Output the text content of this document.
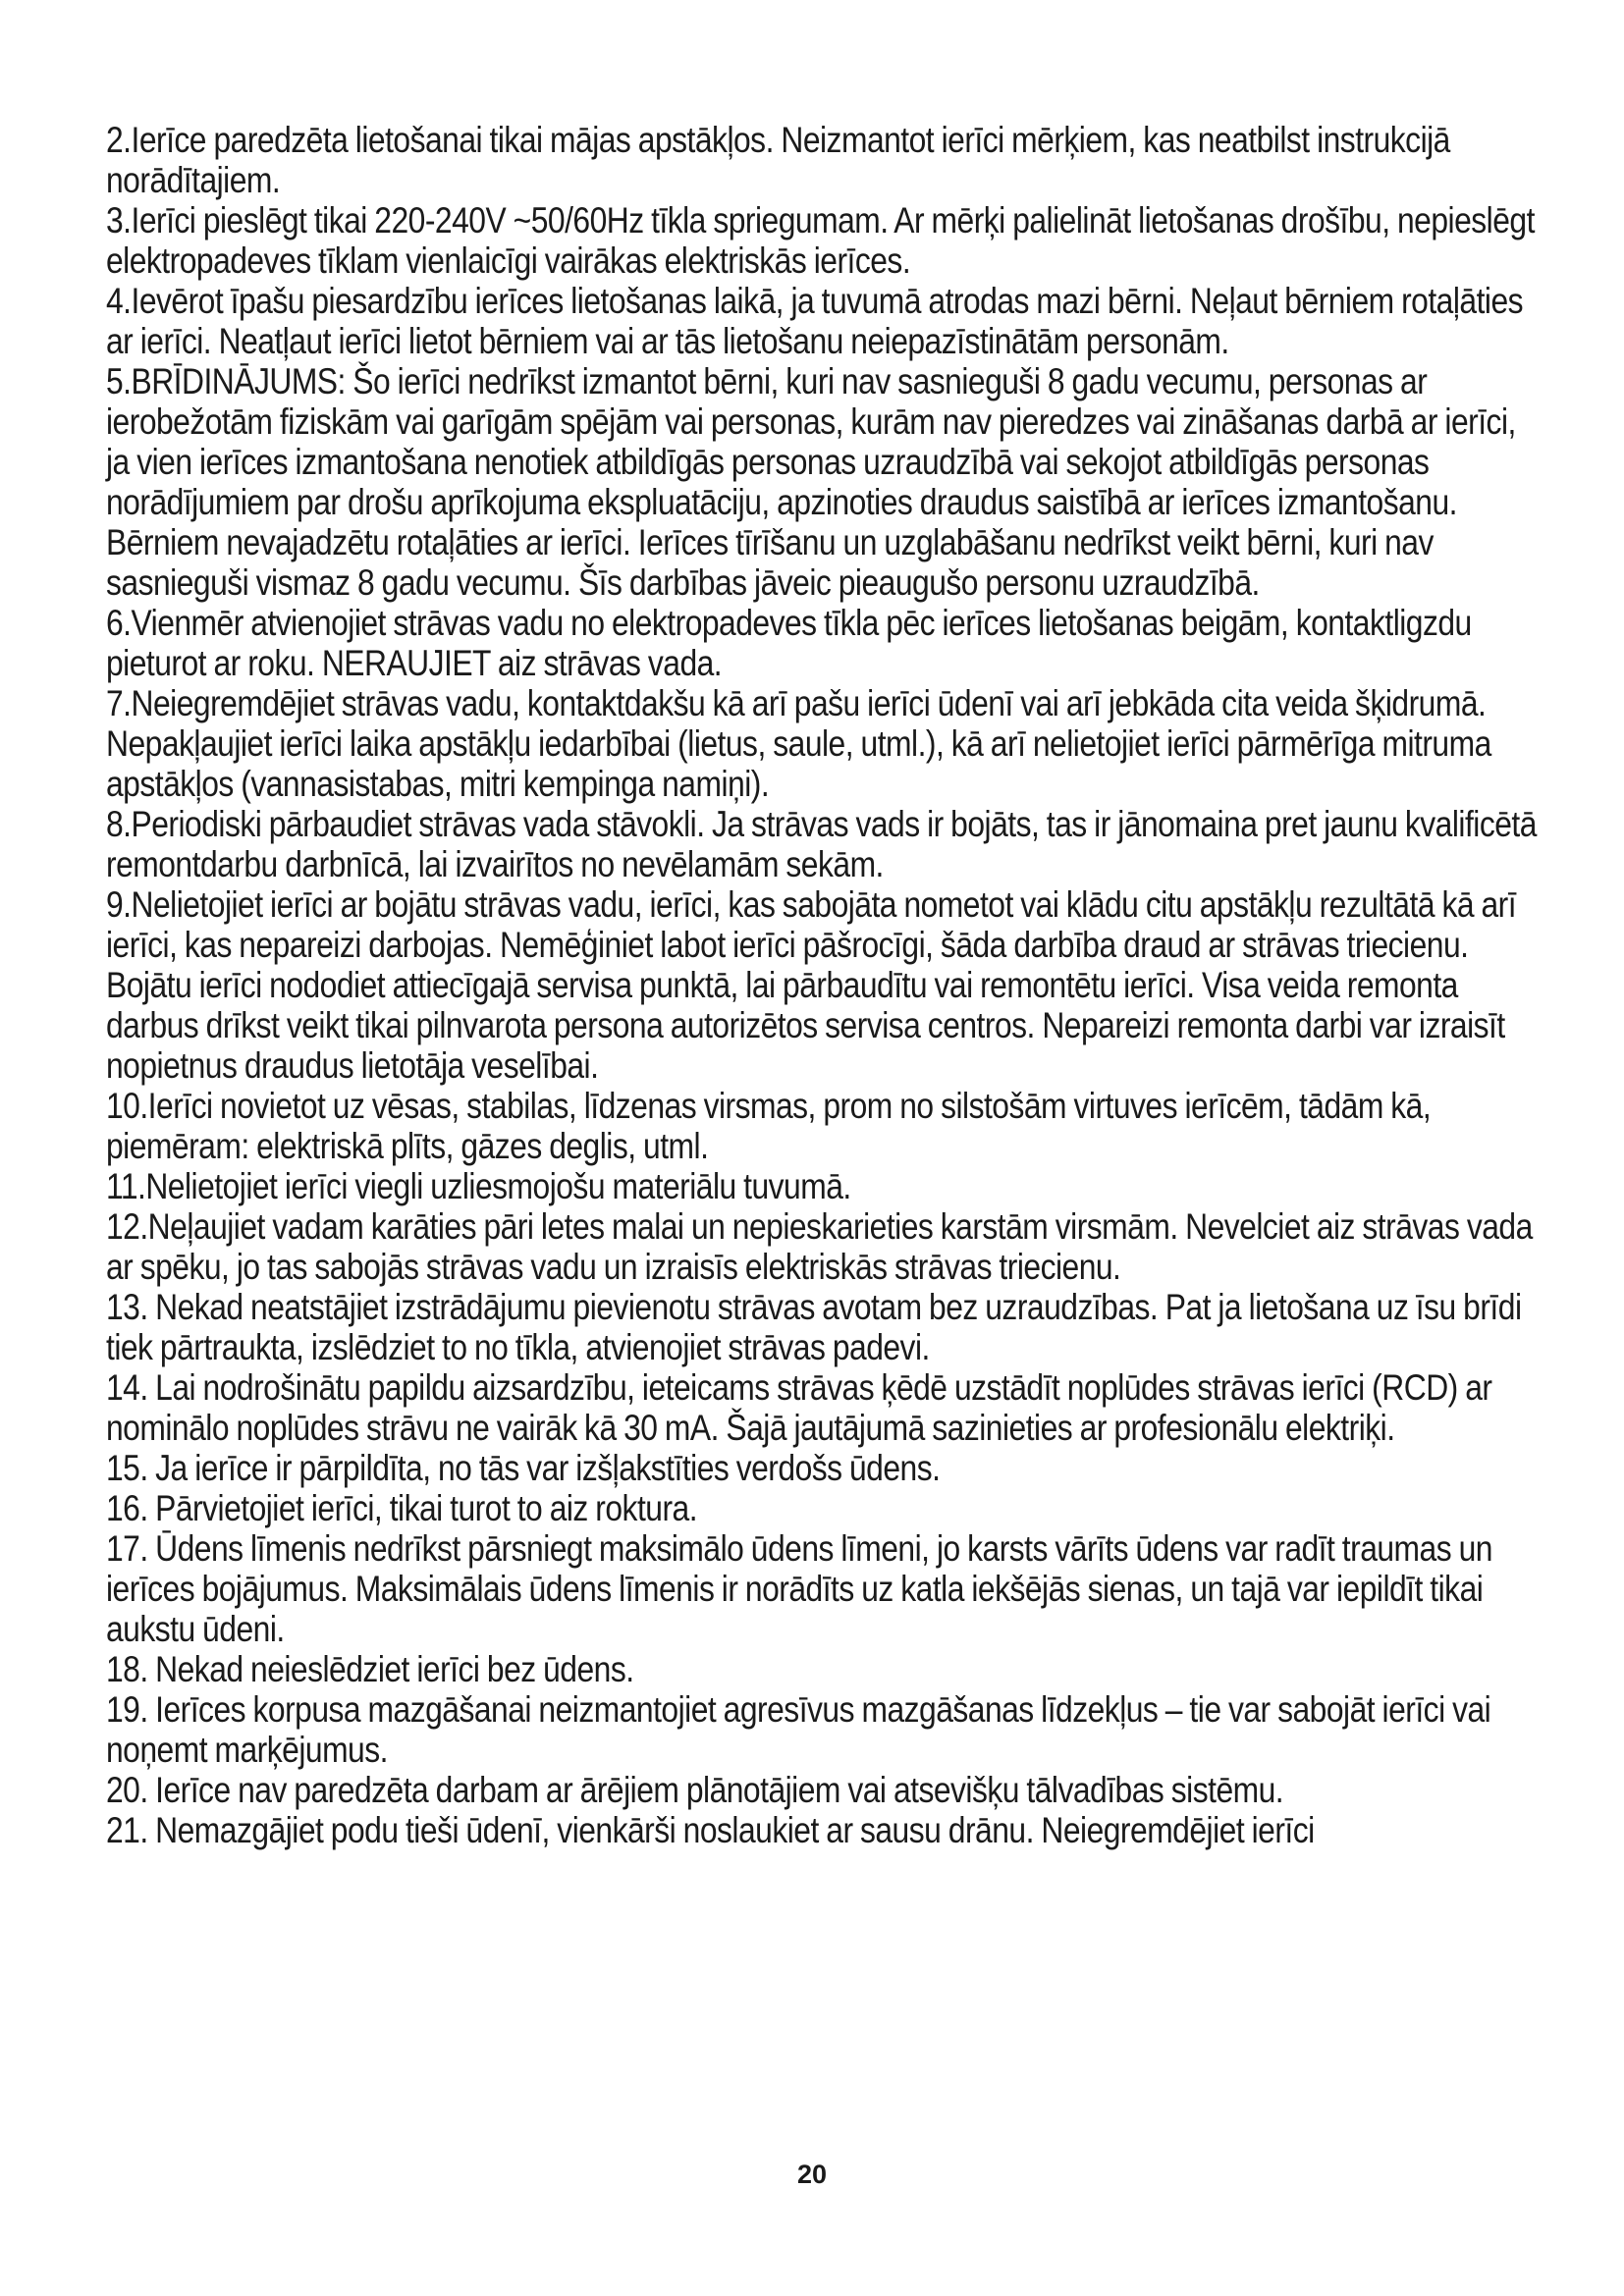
2.Ierīce paredzēta lietošanai tikai mājas apstākļos. Neizmantot ierīci mērķiem, kas neatbilst instrukcijā norādītajiem.

3.Ierīci pieslēgt tikai 220-240V ~50/60Hz tīkla spriegumam. Ar mērķi palielināt lietošanas drošību, nepieslēgt elektropadeves tīklam vienlaicīgi vairākas elektriskās ierīces.

4.Ievērot īpašu piesardzību ierīces lietošanas laikā, ja tuvumā atrodas mazi bērni. Neļaut bērniem rotaļāties ar ierīci. Neatļaut ierīci lietot bērniem vai ar tās lietošanu neiepazīstinātām personām.

5.BRĪDINĀJUMS: Šo ierīci nedrīkst izmantot bērni, kuri nav sasnieguši 8 gadu vecumu, personas ar ierobežotām fiziskām vai garīgām spējām vai personas, kurām nav pieredzes vai zināšanas darbā ar ierīci, ja vien ierīces izmantošana nenotiek atbildīgās personas uzraudzībā vai sekojot atbildīgās personas norādījumiem par drošu aprīkojuma ekspluatāciju, apzinoties draudus saistībā ar ierīces izmantošanu. Bērniem nevajadzētu rotaļāties ar ierīci. Ierīces tīrīšanu un uzglabāšanu nedrīkst veikt bērni, kuri nav sasnieguši vismaz 8 gadu vecumu. Šīs darbības jāveic pieaugušo personu uzraudzībā.

6.Vienmēr atvienojiet strāvas vadu no elektropadeves tīkla pēc ierīces lietošanas beigām, kontaktligzdu pieturot ar roku. NERAUJIET aiz strāvas vada.

7.Neiegremdējiet strāvas vadu, kontaktdakšu kā arī pašu ierīci ūdenī vai arī jebkāda cita veida šķidrumā. Nepakļaujiet ierīci laika apstākļu iedarbībai (lietus, saule, utml.), kā arī nelietojiet ierīci pārmērīga mitruma apstākļos (vannasistabas, mitri kempinga namiņi).

8.Periodiski pārbaudiet strāvas vada stāvokli. Ja strāvas vads ir bojāts, tas ir jānomaina pret jaunu kvalificētā remontdarbu darbnīcā, lai izvairītos no nevēlamām sekām.

9.Nelietojiet ierīci ar bojātu strāvas vadu, ierīci, kas sabojāta nometot vai klādu citu apstākļu rezultātā kā arī ierīci, kas nepareizi darbojas. Nemēģiniet labot ierīci pāšrocīgi, šāda darbība draud ar strāvas triecienu. Bojātu ierīci nododiet attiecīgajā servisa punktā, lai pārbaudītu vai remontētu ierīci. Visa veida remonta darbus drīkst veikt tikai pilnvarota persona autorizētos servisa centros. Nepareizi remonta darbi var izraisīt nopietnus draudus lietotāja veselībai.

10.Ierīci novietot uz vēsas, stabilas, līdzenas virsmas, prom no silstošām virtuves ierīcēm, tādām kā, piemēram: elektriskā plīts, gāzes deglis, utml.

11.Nelietojiet ierīci viegli uzliesmojošu materiālu tuvumā.

12.Neļaujiet vadam karāties pāri letes malai un nepieskarieties karstām virsmām. Nevelciet aiz strāvas vada ar spēku, jo tas sabojās strāvas vadu un izraisīs elektriskās strāvas triecienu.

13. Nekad neatstājiet izstrādājumu pievienotu strāvas avotam bez uzraudzības. Pat ja lietošana uz īsu brīdi tiek pārtraukta, izslēdziet to no tīkla, atvienojiet strāvas padevi.

14. Lai nodrošinātu papildu aizsardzību, ieteicams strāvas ķēdē uzstādīt noplūdes strāvas ierīci (RCD) ar nominālo noplūdes strāvu ne vairāk kā 30 mA. Šajā jautājumā sazinieties ar profesionālu elektriķi.

15. Ja ierīce ir pārpildīta, no tās var izšļakstīties verdošs ūdens.

16. Pārvietojiet ierīci, tikai turot to aiz roktura.

17. Ūdens līmenis nedrīkst pārsniegt maksimālo ūdens līmeni, jo karsts vārīts ūdens var radīt traumas un ierīces bojājumus. Maksimālais ūdens līmenis ir norādīts uz katla iekšējās sienas, un tajā var iepildīt tikai aukstu ūdeni.

18. Nekad neieslēdziet ierīci bez ūdens.

19. Ierīces korpusa mazgāšanai neizmantojiet agresīvus mazgāšanas līdzekļus – tie var sabojāt ierīci vai noņemt marķējumus.

20. Ierīce nav paredzēta darbam ar ārējiem plānotājiem vai atsevišķu tālvadības sistēmu.

21. Nemazgājiet podu tieši ūdenī, vienkārši noslaukiet ar sausu drānu. Neiegremdējiet ierīci

20
